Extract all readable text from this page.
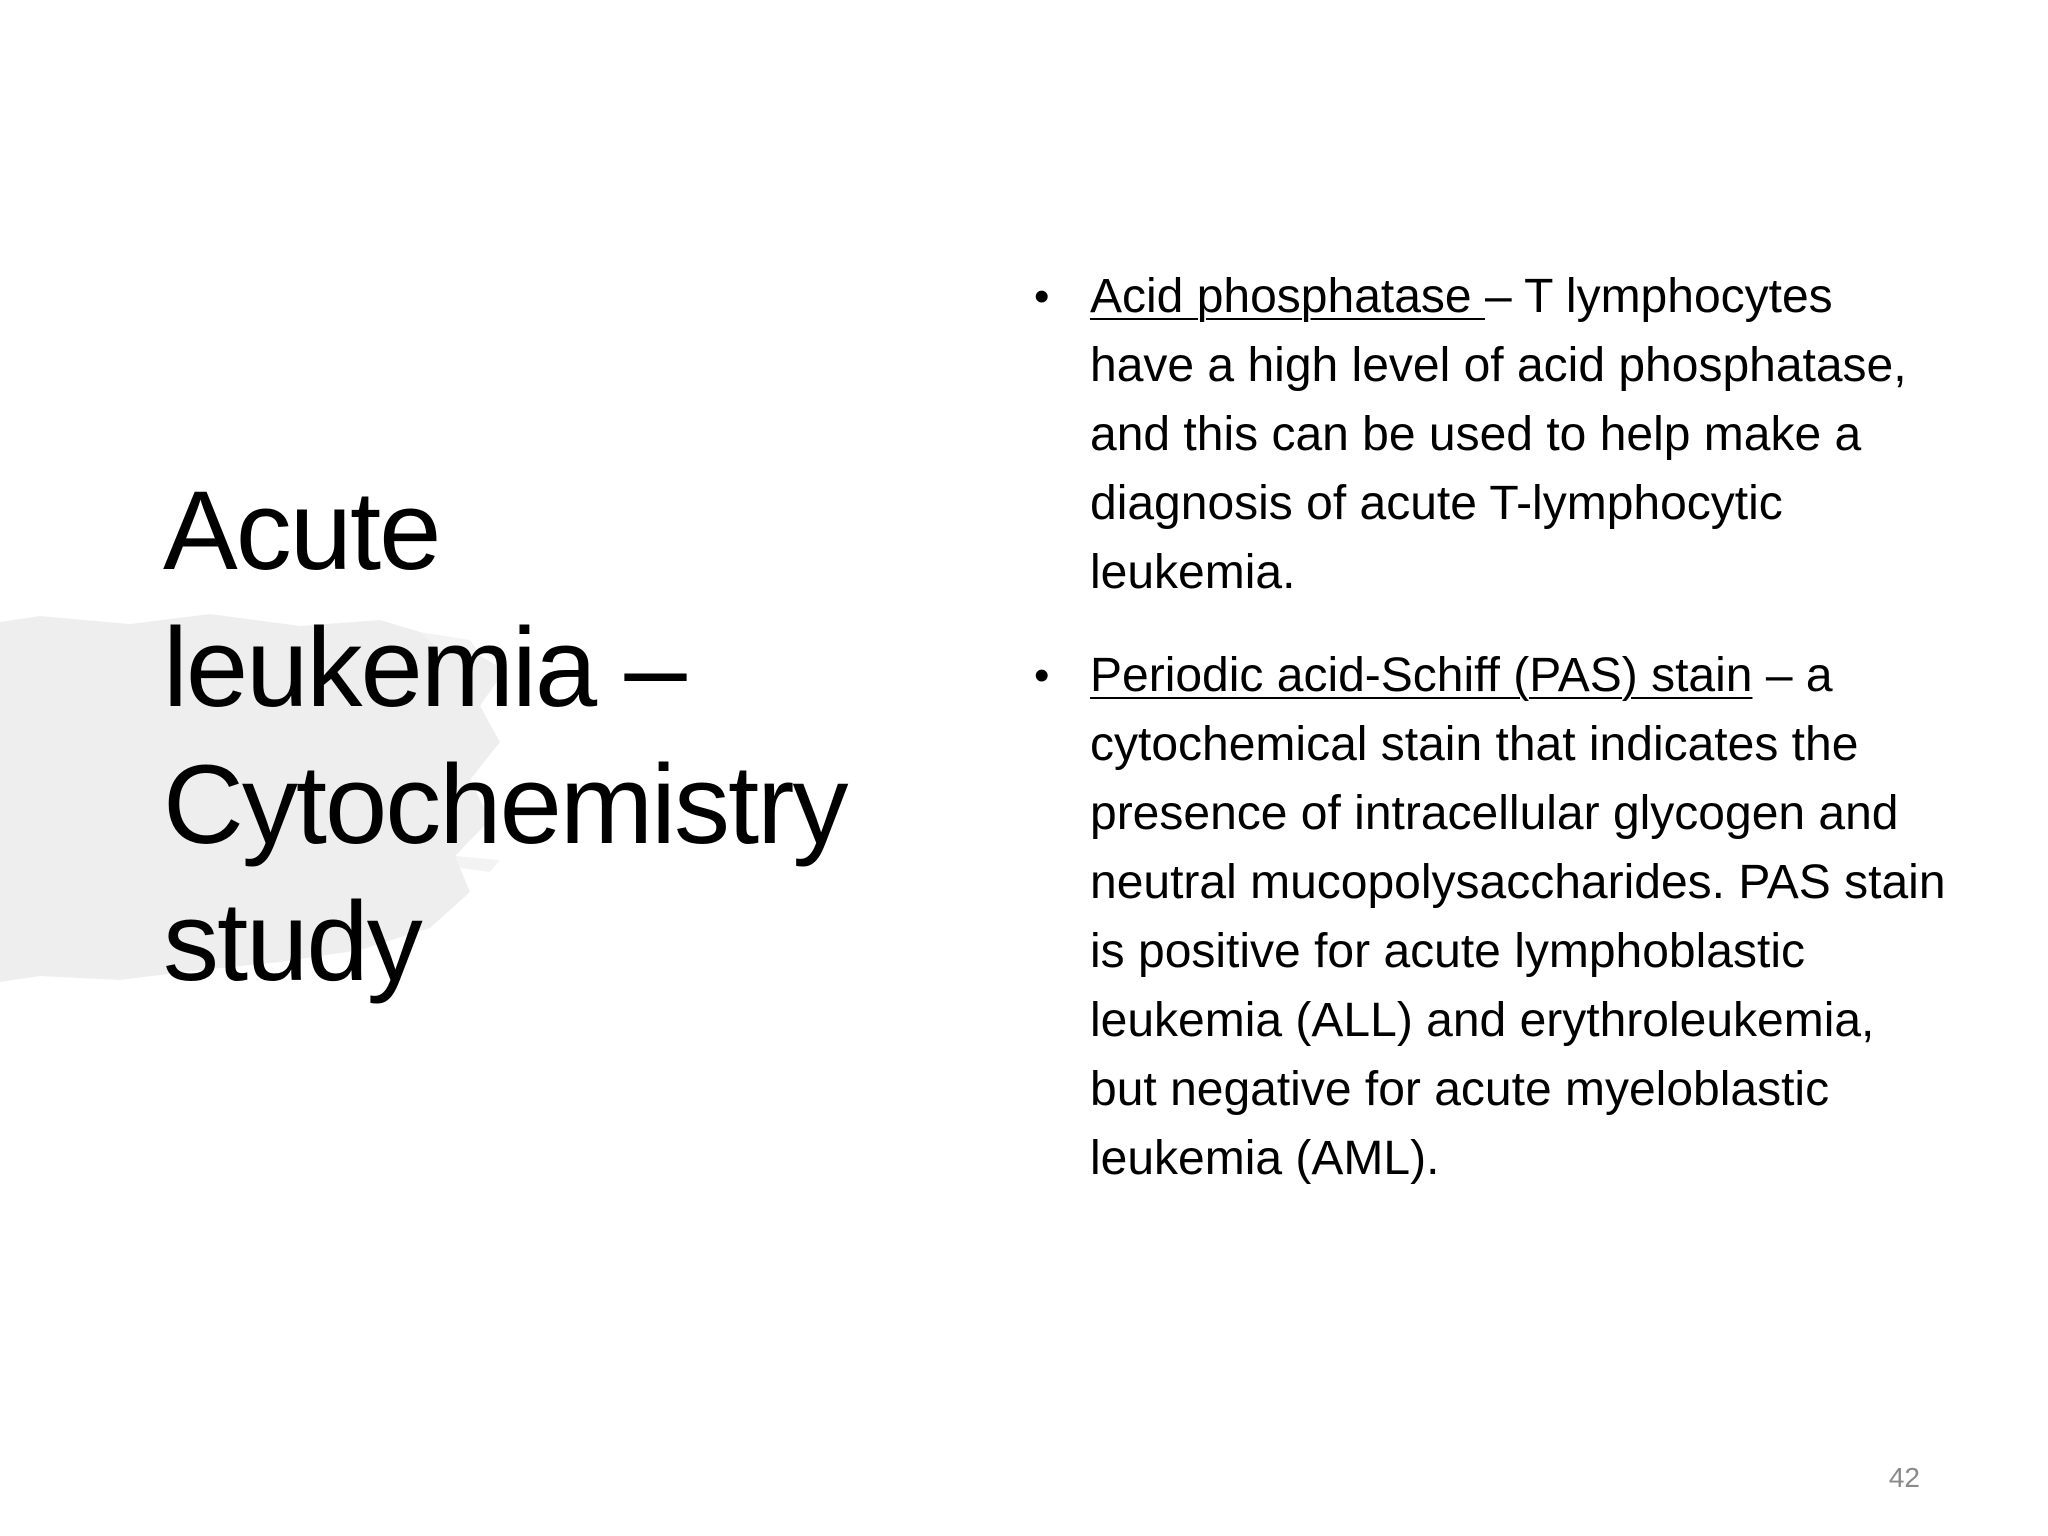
Acute
leukemia –
Cytochemistry
study
• Acid phosphatase – T lymphocytes have a high level of acid phosphatase, and this can be used to help make a diagnosis of acute T-lymphocytic leukemia.
• Periodic acid-Schiff (PAS) stain – a cytochemical stain that indicates the presence of intracellular glycogen and neutral mucopolysaccharides. PAS stain is positive for acute lymphoblastic leukemia (ALL) and erythroleukemia, but negative for acute myeloblastic leukemia (AML).
42
